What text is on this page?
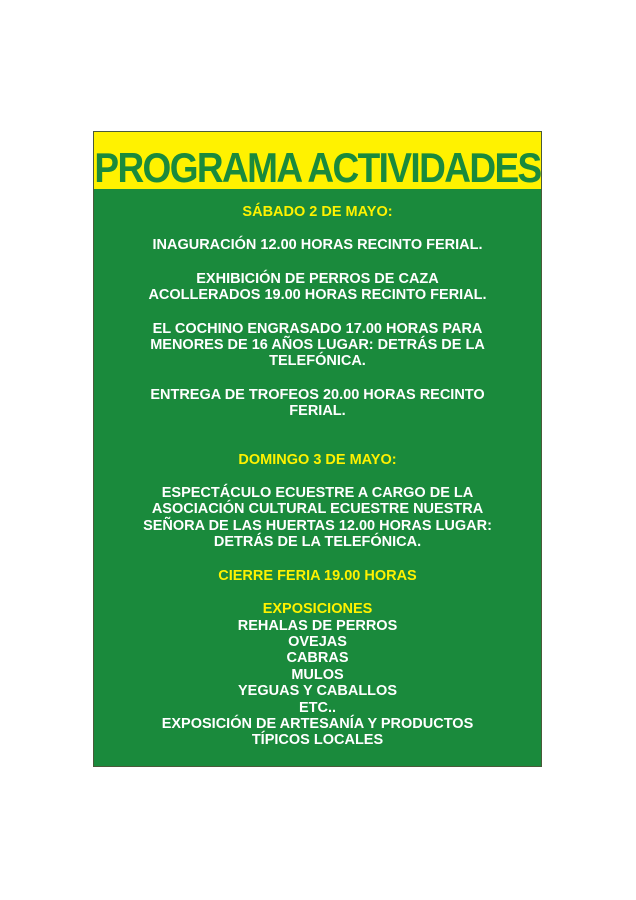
PROGRAMA ACTIVIDADES

SÁBADO 2 DE MAYO:

INAGURACIÓN 12.00 HORAS RECINTO FERIAL.

EXHIBICIÓN DE PERROS DE CAZA

ACOLLERADOS 19.00 HORAS RECINTO FERIAL.

EL COCHINO ENGRASADO 17.00 HORAS PARA

MENORES DE 16 AÑOS LUGAR: DETRÁS DE LA

TELEFÓNICA.

ENTREGA DE TROFEOS 20.00 HORAS RECINTO

FERIAL.

DOMINGO 3 DE MAYO:

ESPECTÁCULO ECUESTRE A CARGO DE LA

ASOCIACIÓN CULTURAL ECUESTRE NUESTRA

SEÑORA DE LAS HUERTAS 12.00 HORAS LUGAR:

DETRÁS DE LA TELEFÓNICA.

CIERRE FERIA 19.00 HORAS

EXPOSICIONES

REHALAS DE PERROS

OVEJAS

CABRAS

MULOS

YEGUAS Y CABALLOS

ETC..

EXPOSICIÓN DE ARTESANÍA Y PRODUCTOS

TÍPICOS LOCALES
